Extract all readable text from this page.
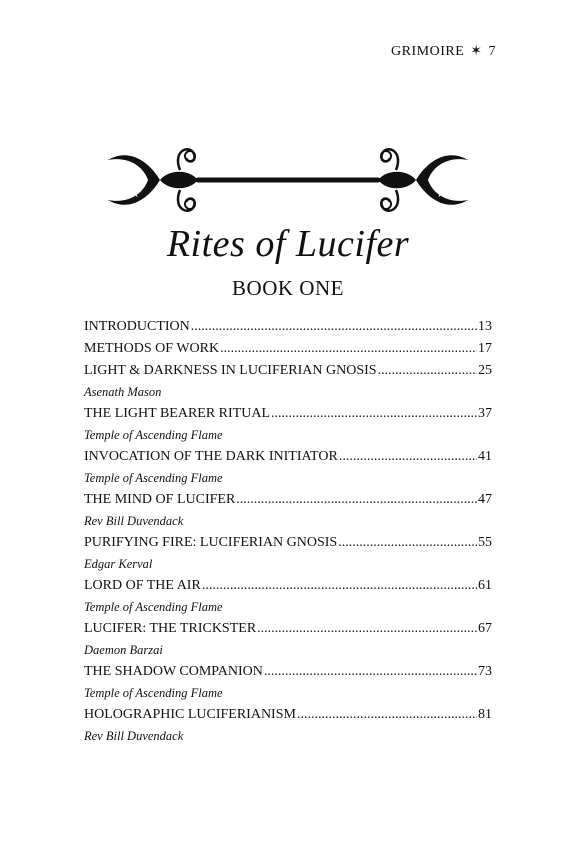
GRIMOIRE ✶ 7
Rites of Lucifer
BOOK ONE
INTRODUCTION .....	13
METHODS OF WORK .....	17
LIGHT & DARKNESS IN LUCIFERIAN GNOSIS .....	25
Asenath Mason
THE LIGHT BEARER RITUAL .....	37
Temple of Ascending Flame
INVOCATION OF THE DARK INITIATOR .....	41
Temple of Ascending Flame
THE MIND OF LUCIFER .....	47
Rev Bill Duvendack
PURIFYING FIRE: LUCIFERIAN GNOSIS .....	55
Edgar Kerval
LORD OF THE AIR .....	61
Temple of Ascending Flame
LUCIFER: THE TRICKSTER .....	67
Daemon Barzai
THE SHADOW COMPANION .....	73
Temple of Ascending Flame
HOLOGRAPHIC LUCIFERIANISM .....	81
Rev Bill Duvendack
